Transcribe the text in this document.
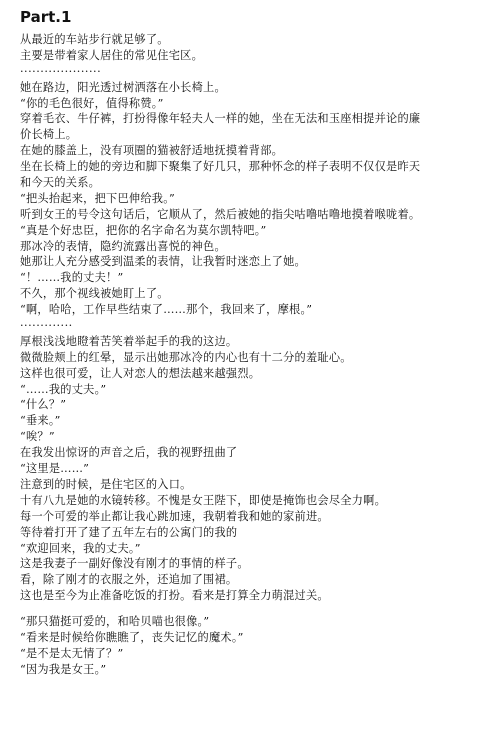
Part.1
从最近的车站步行就足够了。
主要是带着家人居住的常见住宅区。
····················
她在路边，阳光透过树洒落在小长椅上。
“你的毛色很好，值得称赞。”
穿着毛衣、牛仔裤，打扮得像年轻夫人一样的她，坐在无法和玉座相提并论的廉
价长椅上。
在她的膝盖上，没有项圈的猫被舒适地抚摸着背部。
坐在长椅上的她的旁边和脚下聚集了好几只，那种怀念的样子表明不仅仅是昨天
和今天的关系。
“把头抬起来，把下巴伸给我。”
听到女王的号令这句话后，它顺从了，然后被她的指尖咕噜咕噜地摸着喉咙着。
“真是个好忠臣，把你的名字命名为莫尔凯特吧。”
那冰冷的表情，隐约流露出喜悦的神色。
她那让人充分感受到温柔的表情，让我暂时迷恋上了她。
“！……我的丈夫！”
不久，那个视线被她盯上了。
“啊，哈哈，工作早些结束了……那个，我回来了，摩根。”
·············
厚根浅浅地瞪着苦笑着举起手的我的这边。
微微脸颊上的红晕，显示出她那冰冷的内心也有十二分的羞耻心。
这样也很可爱，让人对恋人的想法越来越强烈。
“……我的丈夫。”
“什么？”
“垂来。”
“唉？”
在我发出惊讶的声音之后，我的视野扭曲了
“这里是……”
注意到的时候，是住宅区的入口。
十有八九是她的水镜转移。不愧是女王陛下，即使是掩饰也会尽全力啊。
每一个可爱的举止都让我心跳加速，我朝着我和她的家前进。
等待着打开了建了五年左右的公寓门的我的
“欢迎回来，我的丈夫。”
这是我妻子一副好像没有刚才的事情的样子。
看，除了刚才的衣服之外，还追加了围裙。
这也是至今为止准备吃饭的打扮。看来是打算全力萌混过关。
“那只猫挺可爱的，和哈贝喵也很像。”
“看来是时候给你瞧瞧了，丧失记忆的魔术。”
“是不是太无情了？”
“因为我是女王。”
